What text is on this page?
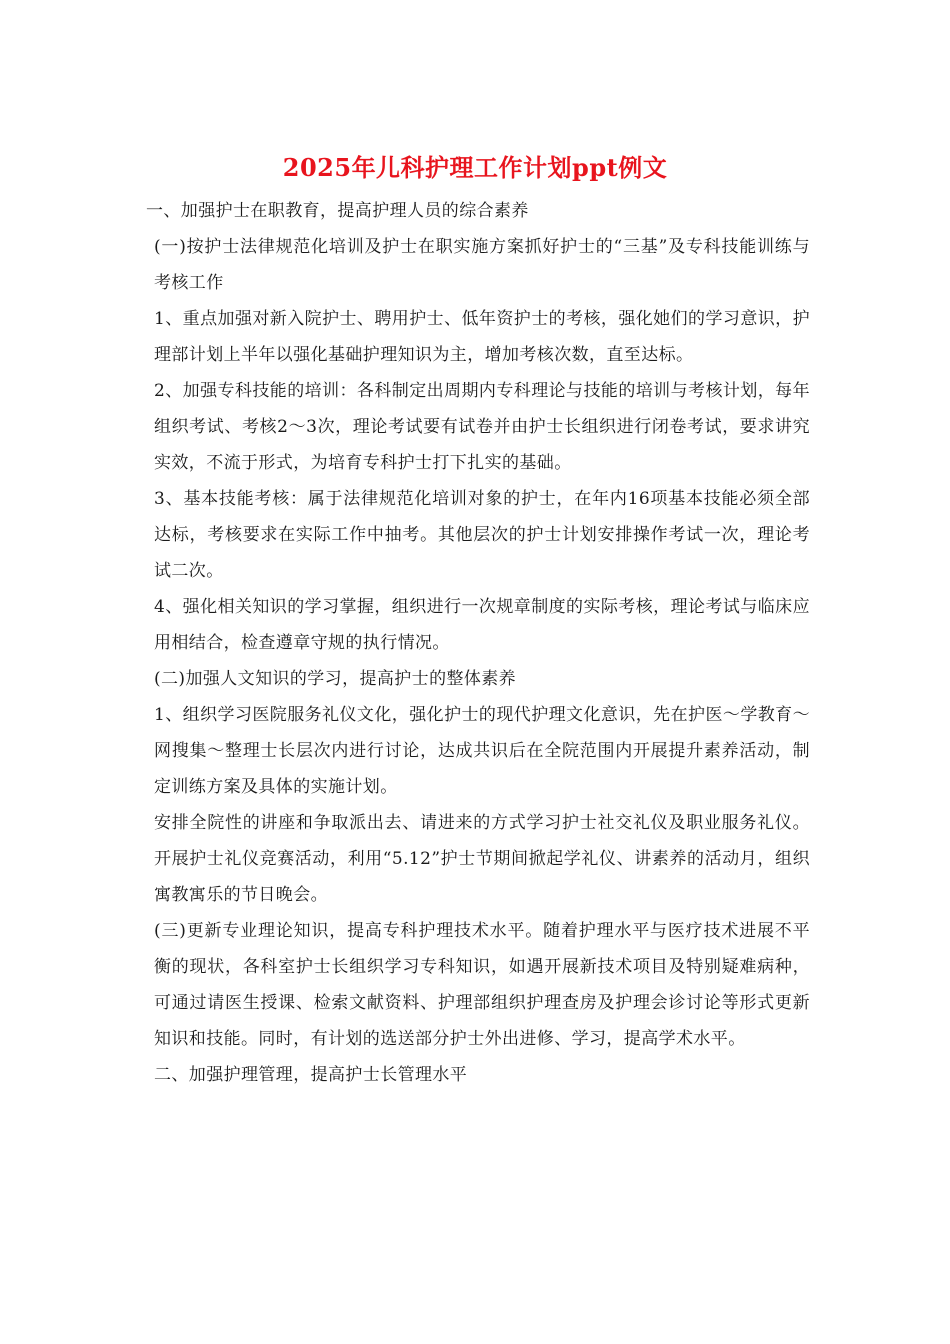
2025年儿科护理工作计划ppt例文

一、加强护士在职教育，提高护理人员的综合素养

(一)按护士法律规范化培训及护士在职实施方案抓好护士的“三基”及专科技能训练与考核工作

1、重点加强对新入院护士、聘用护士、低年资护士的考核，强化她们的学习意识，护理部计划上半年以强化基础护理知识为主，增加考核次数，直至达标。

2、加强专科技能的培训：各科制定出周期内专科理论与技能的培训与考核计划，每年组织考试、考核2～3次，理论考试要有试卷并由护士长组织进行闭卷考试，要求讲究实效，不流于形式，为培育专科护士打下扎实的基础。

3、基本技能考核：属于法律规范化培训对象的护士，在年内16项基本技能必须全部达标，考核要求在实际工作中抽考。其他层次的护士计划安排操作考试一次，理论考试二次。

4、强化相关知识的学习掌握，组织进行一次规章制度的实际考核，理论考试与临床应用相结合，检查遵章守规的执行情况。

(二)加强人文知识的学习，提高护士的整体素养

1、组织学习医院服务礼仪文化，强化护士的现代护理文化意识，先在护医～学教育～网搜集～整理士长层次内进行讨论，达成共识后在全院范围内开展提升素养活动，制定训练方案及具体的实施计划。

安排全院性的讲座和争取派出去、请进来的方式学习护士社交礼仪及职业服务礼仪。开展护士礼仪竞赛活动，利用“5.12”护士节期间掀起学礼仪、讲素养的活动月，组织寓教寓乐的节日晚会。

(三)更新专业理论知识，提高专科护理技术水平。随着护理水平与医疗技术进展不平衡的现状，各科室护士长组织学习专科知识，如遇开展新技术项目及特别疑难病种，可通过请医生授课、检索文献资料、护理部组织护理查房及护理会诊讨论等形式更新知识和技能。同时，有计划的选送部分护士外出进修、学习，提高学术水平。

二、加强护理管理，提高护士长管理水平
